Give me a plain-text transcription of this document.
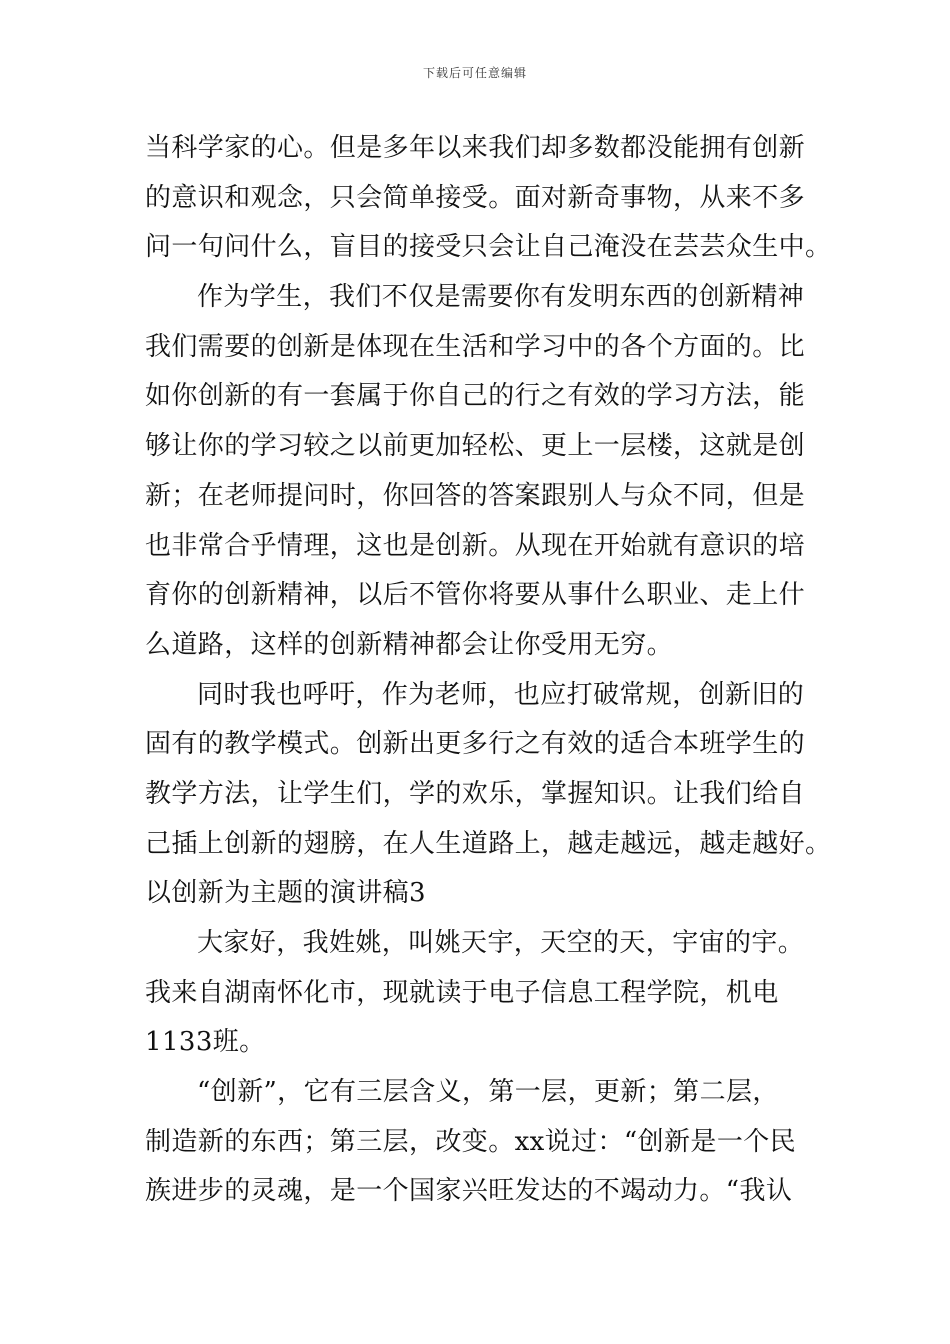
下载后可任意编辑
当科学家的心。但是多年以来我们却多数都没能拥有创新
的意识和观念，只会简单接受。面对新奇事物，从来不多
问一句问什么，盲目的接受只会让自己淹没在芸芸众生中。
作为学生，我们不仅是需要你有发明东西的创新精神
我们需要的创新是体现在生活和学习中的各个方面的。比
如你创新的有一套属于你自己的行之有效的学习方法，能
够让你的学习较之以前更加轻松、更上一层楼，这就是创
新；在老师提问时，你回答的答案跟别人与众不同，但是
也非常合乎情理，这也是创新。从现在开始就有意识的培
育你的创新精神，以后不管你将要从事什么职业、走上什
么道路，这样的创新精神都会让你受用无穷。
同时我也呼吁，作为老师，也应打破常规，创新旧的
固有的教学模式。创新出更多行之有效的适合本班学生的
教学方法，让学生们，学的欢乐，掌握知识。让我们给自
己插上创新的翅膀，在人生道路上，越走越远，越走越好。
以创新为主题的演讲稿3
大家好，我姓姚，叫姚天宇，天空的天，宇宙的宇。
我来自湖南怀化市，现就读于电子信息工程学院，机电
1133班。
“创新”，它有三层含义，第一层，更新；第二层，
制造新的东西；第三层，改变。xx说过：“创新是一个民
族进步的灵魂，是一个国家兴旺发达的不竭动力。“我认
